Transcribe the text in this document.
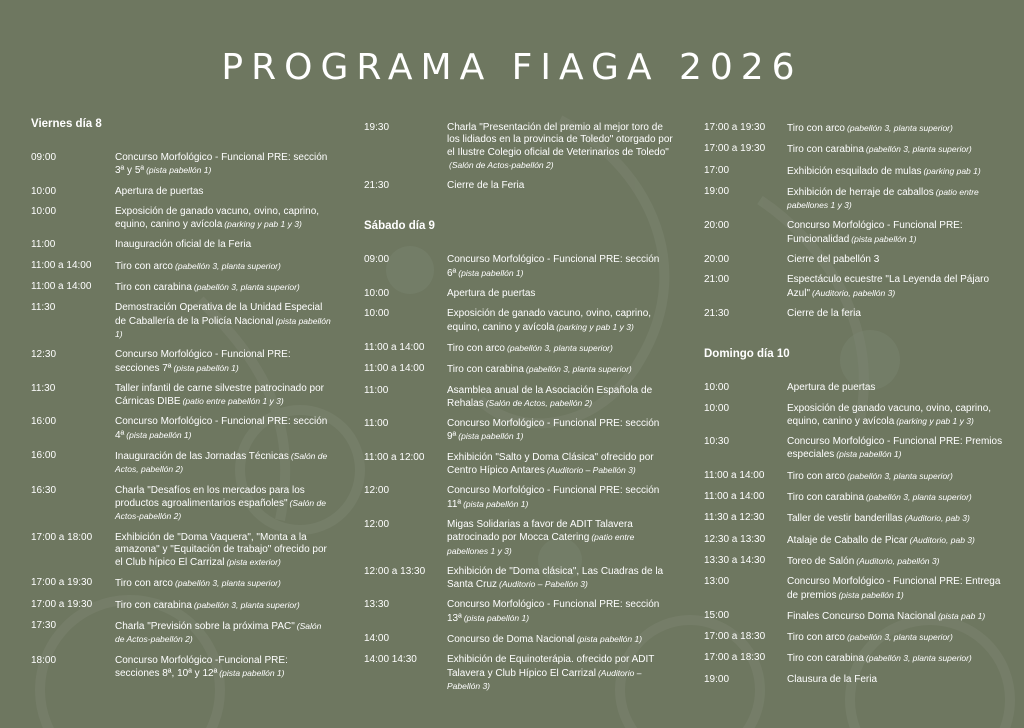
PROGRAMA FIAGA 2026
Viernes día 8
09:00	Concurso Morfológico - Funcional PRE: sección 3ª y 5ª (pista pabellón 1)
10:00	Apertura de puertas
10:00	Exposición de ganado vacuno, ovino, caprino, equino, canino y avícola (parking y pab 1 y 3)
11:00	Inauguración oficial de la Feria
11:00 a 14:00	Tiro con arco (pabellón 3, planta superior)
11:00 a 14:00	Tiro con carabina (pabellón 3, planta superior)
11:30	Demostración Operativa de la Unidad Especial de Caballería de la Policía Nacional (pista pabellón 1)
12:30	Concurso Morfológico - Funcional PRE: secciones 7ª (pista pabellón 1)
11:30	Taller infantil de carne silvestre patrocinado por Cárnicas DIBE (patio entre pabellón 1 y 3)
16:00	Concurso Morfológico - Funcional PRE: sección 4ª (pista pabellón 1)
16:00	Inauguración de las Jornadas Técnicas (Salón de Actos, pabellón 2)
16:30	Charla "Desafíos en los mercados para los productos agroalimentarios españoles" (Salón de Actos-pabellón 2)
17:00 a 18:00	Exhibición de "Doma Vaquera", "Monta a la amazona" y "Equitación de trabajo" ofrecido por el Club hípico El Carrizal (pista exterior)
17:00 a 19:30	Tiro con arco (pabellón 3, planta superior)
17:00 a 19:30	Tiro con carabina (pabellón 3, planta superior)
17:30	Charla "Previsión sobre la próxima PAC" (Salón de Actos-pabellón 2)
18:00	Concurso Morfológico -Funcional PRE: secciones 8ª, 10ª y 12ª (pista pabellón 1)
19:30	Charla "Presentación del premio al mejor toro de los lidiados en la provincia de Toledo" otorgado por el Ilustre Colegio oficial de Veterinarios de Toledo"(Salón de Actos-pabellón 2)
21:30	Cierre de la Feria
Sábado día 9
09:00	Concurso Morfológico - Funcional PRE: sección 6ª (pista pabellón 1)
10:00	Apertura de puertas
10:00	Exposición de ganado vacuno, ovino, caprino, equino, canino y avícola (parking y pab 1 y 3)
11:00 a 14:00	Tiro con arco (pabellón 3, planta superior)
11:00 a 14:00	Tiro con carabina (pabellón 3, planta superior)
11:00	Asamblea anual de la Asociación Española de Rehalas (Salón de Actos, pabellón 2)
11:00	Concurso Morfológico - Funcional PRE: sección 9ª (pista pabellón 1)
11:00 a 12:00	Exhibición "Salto y Doma Clásica" ofrecido por Centro Hípico Antares (Auditorio – Pabellón 3)
12:00	Concurso Morfológico - Funcional PRE: sección 11ª (pista pabellón 1)
12:00	Migas Solidarias a favor de ADIT Talavera patrocinado por Mocca Catering (patio entre pabellones 1 y 3)
12:00 a 13:30	Exhibición de "Doma clásica", Las Cuadras de la Santa Cruz (Auditorio – Pabellón 3)
13:30	Concurso Morfológico - Funcional PRE: sección 13ª (pista pabellón 1)
14:00	Concurso de Doma Nacional (pista pabellón 1)
14:00 14:30	Exhibición de Equinoterápia. ofrecido por ADIT Talavera y Club Hípico El Carrizal (Auditorio – Pabellón 3)
17:00 a 19:30	Tiro con arco (pabellón 3, planta superior)
17:00 a 19:30	Tiro con carabina (pabellón 3, planta superior)
17:00	Exhibición esquilado de mulas (parking pab 1)
19:00	Exhibición de herraje de caballos (patio entre pabellones 1 y 3)
20:00	Concurso Morfológico - Funcional PRE: Funcionalidad (pista pabellón 1)
20:00	Cierre del pabellón 3
21:00	Espectáculo ecuestre "La Leyenda del Pájaro Azul" (Auditorio, pabellón 3)
21:30	Cierre de la feria
Domingo día 10
10:00	Apertura de puertas
10:00	Exposición de ganado vacuno, ovino, caprino, equino, canino y avícola (parking y pab 1 y 3)
10:30	Concurso Morfológico - Funcional PRE: Premios especiales (pista pabellón 1)
11:00 a 14:00	Tiro con arco (pabellón 3, planta superior)
11:00 a 14:00	Tiro con carabina (pabellón 3, planta superior)
11:30 a 12:30	Taller de vestir banderillas (Auditorio, pab 3)
12:30 a 13:30	Atalaje de Caballo de Picar (Auditorio, pab 3)
13:30 a 14:30	Toreo de Salón (Auditorio, pabellón 3)
13:00	Concurso Morfológico - Funcional PRE: Entrega de premios (pista pabellón 1)
15:00	Finales Concurso Doma Nacional (pista pab 1)
17:00 a 18:30	Tiro con arco (pabellón 3, planta superior)
17:00 a 18:30	Tiro con carabina (pabellón 3, planta superior)
19:00	Clausura de la Feria
